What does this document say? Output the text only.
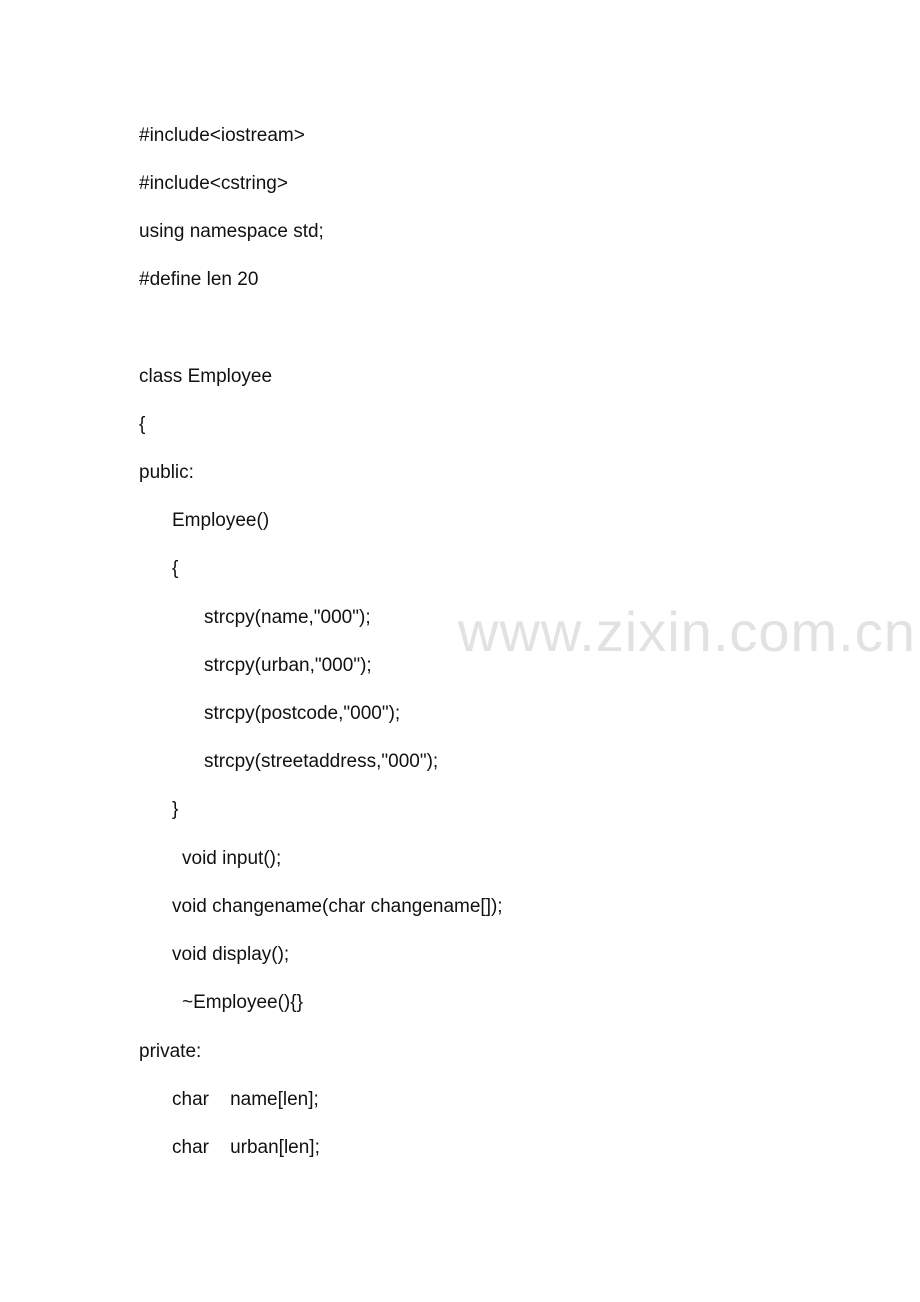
www.zixin.com.cn
#include<iostream>
#include<cstring>
using namespace std;
#define len 20
class Employee
{
public:
Employee()
{
strcpy(name,"000");
strcpy(urban,"000");
strcpy(postcode,"000");
strcpy(streetaddress,"000");
}
void input();
void changename(char changename[]);
void display();
~Employee(){}
private:
char    name[len];
char    urban[len];
